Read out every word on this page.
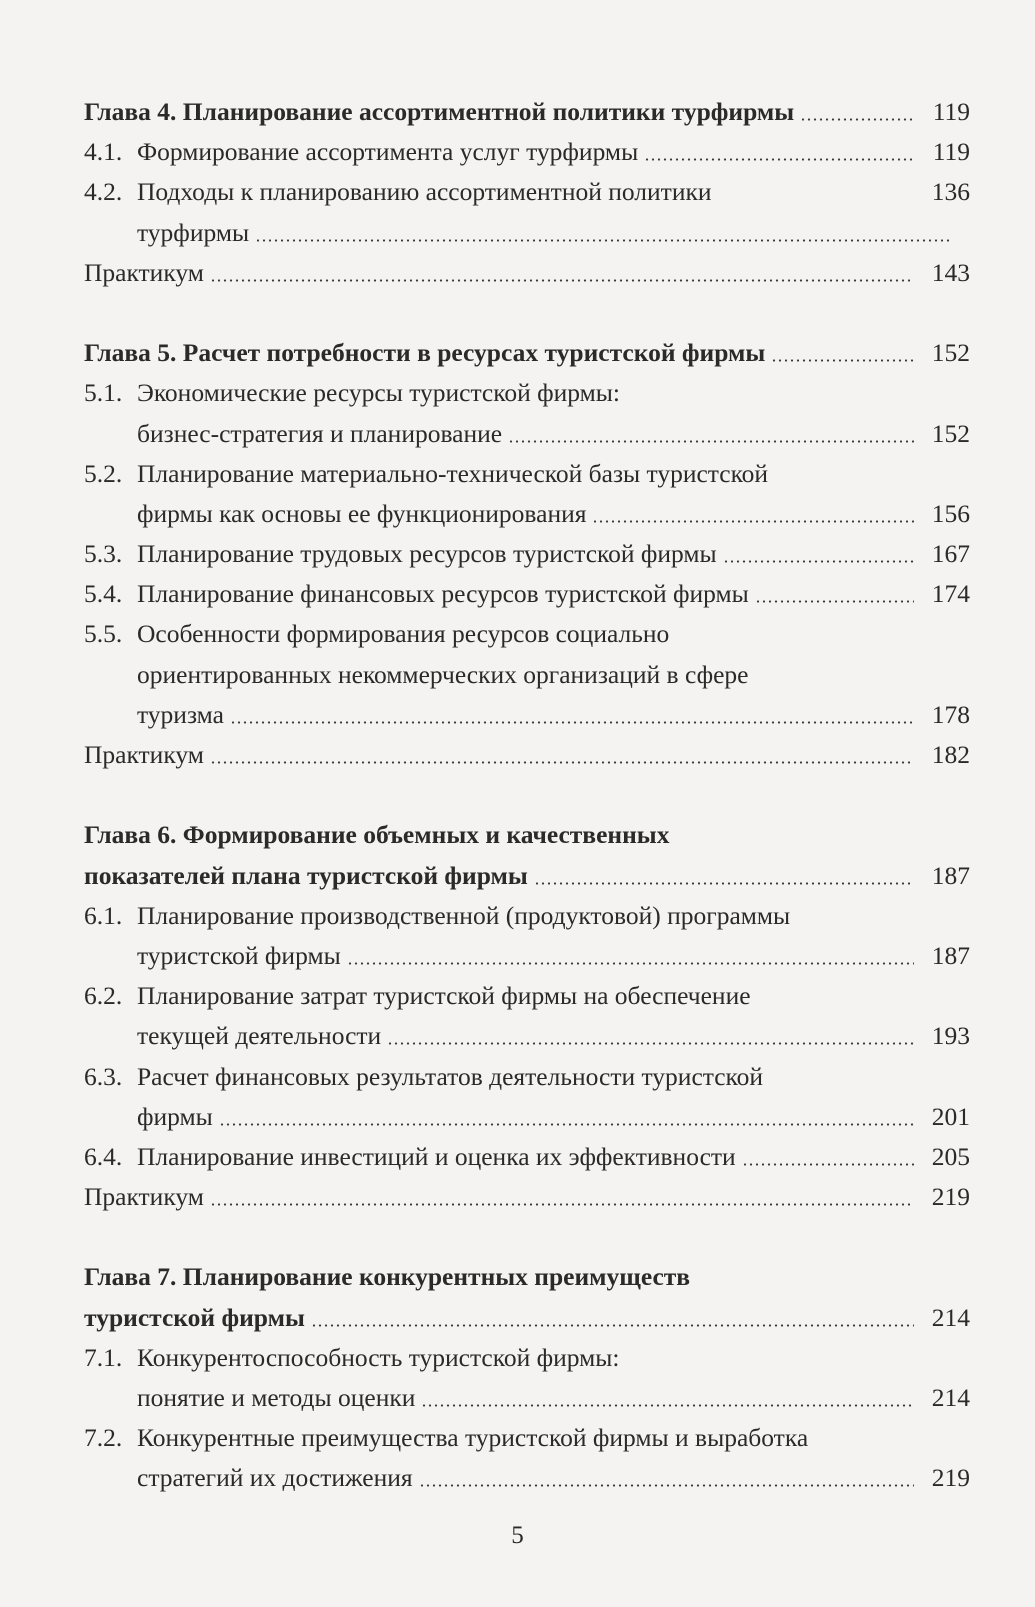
Глава 4. Планирование ассортиментной политики турфирмы	119
4.1. Формирование ассортимента услуг турфирмы	119
4.2. Подходы к планированию ассортиментной политики	136
турфирмы
Практикум	143
Глава 5. Расчет потребности в ресурсах туристской фирмы	152
5.1. Экономические ресурсы туристской фирмы:
бизнес-стратегия и планирование	152
5.2. Планирование материально-технической базы туристской
фирмы как основы ее функционирования	156
5.3. Планирование трудовых ресурсов туристской фирмы	167
5.4. Планирование финансовых ресурсов туристской фирмы	174
5.5. Особенности формирования ресурсов социально
ориентированных некоммерческих организаций в сфере
туризма	178
Практикум	182
Глава 6. Формирование объемных и качественных
показателей плана туристской фирмы	187
6.1. Планирование производственной (продуктовой) программы
туристской фирмы	187
6.2. Планирование затрат туристской фирмы на обеспечение
текущей деятельности	193
6.3. Расчет финансовых результатов деятельности туристской
фирмы	201
6.4. Планирование инвестиций и оценка их эффективности	205
Практикум	219
Глава 7. Планирование конкурентных преимуществ
туристской фирмы	214
7.1. Конкурентоспособность туристской фирмы:
понятие и методы оценки	214
7.2. Конкурентные преимущества туристской фирмы и выработка
стратегий их достижения	219
5
